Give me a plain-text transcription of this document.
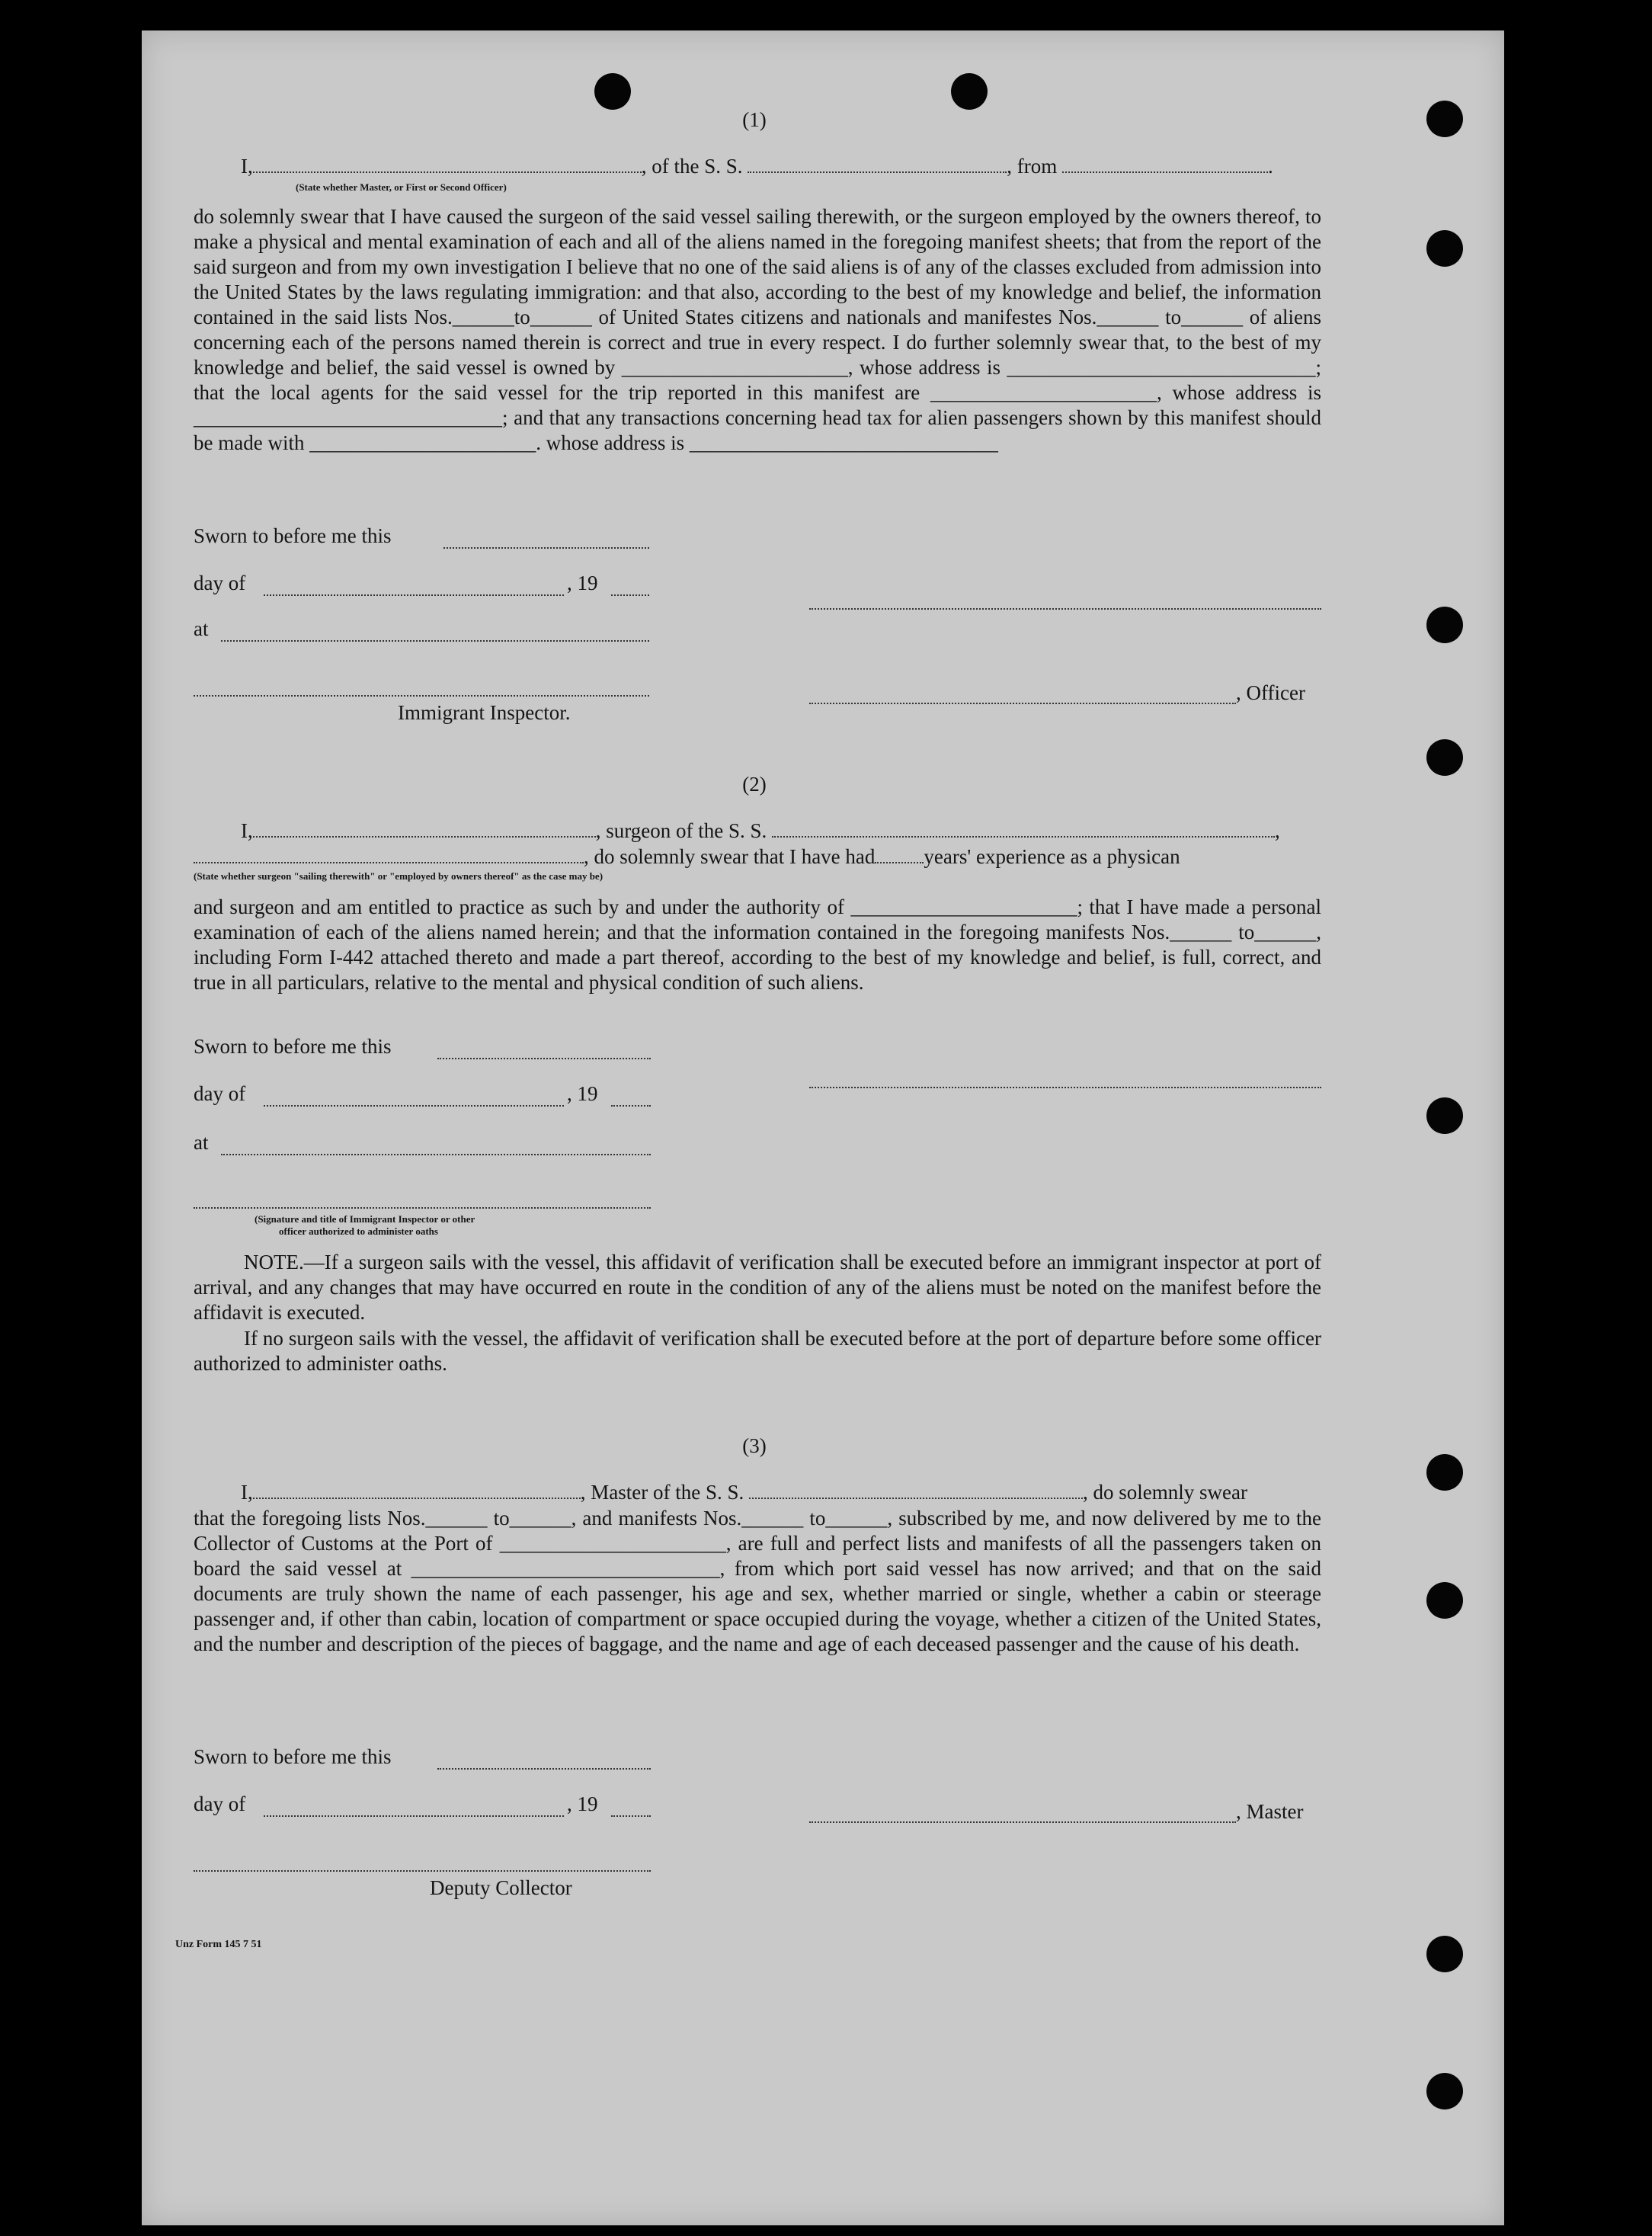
(1)
I,	, of the S. S.	, from	.
(State whether Master, or First or Second Officer)
do solemnly swear that I have caused the surgeon of the said vessel sailing therewith, or the surgeon employed by the owners thereof, to make a physical and mental examination of each and all of the aliens named in the foregoing manifest sheets; that from the report of the said surgeon and from my own investigation I believe that no one of the said aliens is of any of the classes excluded from admission into the United States by the laws regulating immigration: and that also, according to the best of my knowledge and belief, the information contained in the said lists Nos.______to______ of United States citizens and nationals and manifestes Nos.______ to______ of aliens concerning each of the persons named therein is correct and true in every respect. I do further solemnly swear that, to the best of my knowledge and belief, the said vessel is owned by ______________________, whose address is ______________________________; that the local agents for the said vessel for the trip reported in this manifest are ______________________, whose address is ______________________________; and that any transactions concerning head tax for alien passengers shown by this manifest should be made with ______________________. whose address is ______________________________
Sworn to before me this
day of	, 19
at
Immigrant Inspector.
, Officer
(2)
I,	, surgeon of the S. S.	,
, do solemnly swear that I have had years' experience as a physican
(State whether surgeon "sailing therewith" or "employed by owners thereof" as the case may be)
and surgeon and am entitled to practice as such by and under the authority of ______________________; that I have made a personal examination of each of the aliens named herein; and that the information contained in the foregoing manifests Nos.______ to______, including Form I-442 attached thereto and made a part thereof, according to the best of my knowledge and belief, is full, correct, and true in all particulars, relative to the mental and physical condition of such aliens.
Sworn to before me this
day of	, 19
at
(Signature and title of Immigrant Inspector or other
officer authorized to administer oaths
NOTE.—If a surgeon sails with the vessel, this affidavit of verification shall be executed before an immigrant inspector at port of arrival, and any changes that may have occurred en route in the condition of any of the aliens must be noted on the manifest before the affidavit is executed.
If no surgeon sails with the vessel, the affidavit of verification shall be executed before at the port of departure before some officer authorized to administer oaths.
(3)
I,	, Master of the S. S.	, do solemnly swear
that the foregoing lists Nos.______ to______, and manifests Nos.______ to______, subscribed by me, and now delivered by me to the Collector of Customs at the Port of ______________________, are full and perfect lists and manifests of all the passengers taken on board the said vessel at ______________________________, from which port said vessel has now arrived; and that on the said documents are truly shown the name of each passenger, his age and sex, whether married or single, whether a cabin or steerage passenger and, if other than cabin, location of compartment or space occupied during the voyage, whether a citizen of the United States, and the number and description of the pieces of baggage, and the name and age of each deceased passenger and the cause of his death.
Sworn to before me this
day of	, 19	, Master
Deputy Collector
Unz Form 145 7 51
